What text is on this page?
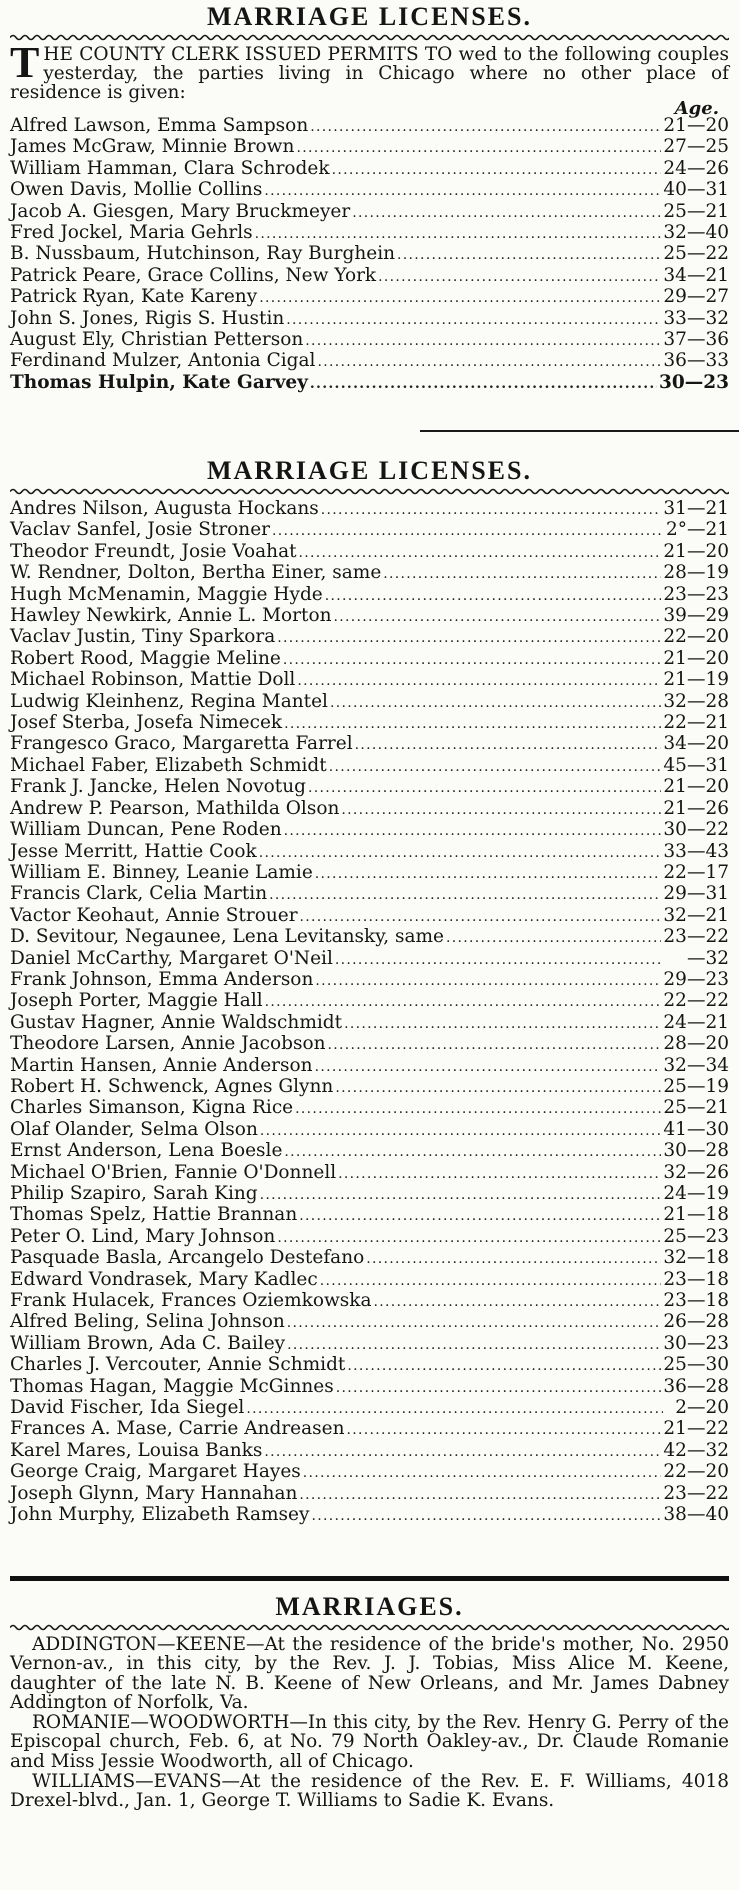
MARRIAGE LICENSES.

T HE COUNTY CLERK ISSUED PERMITS TO wed to the following couples yesterday, the parties living in Chicago where no other place of residence is given:

Age.

Alfred Lawson, Emma Sampson .....	21—20
James McGraw, Minnie Brown .....	27—25
William Hamman, Clara Schrodek .....	24—26
Owen Davis, Mollie Collins .....	40—31
Jacob A. Giesgen, Mary Bruckmeyer .....	25—21
Fred Jockel, Maria Gehrls .....	32—40
B. Nussbaum, Hutchinson, Ray Burghein .....	25—22
Patrick Peare, Grace Collins, New York .....	34—21
Patrick Ryan, Kate Kareny .....	29—27
John S. Jones, Rigis S. Hustin .....	33—32
August Ely, Christian Petterson .....	37—36
Ferdinand Mulzer, Antonia Cigal .....	36—33
Thomas Hulpin, Kate Garvey .....	30—23
MARRIAGE LICENSES.
Andres Nilson, Augusta Hockans .....	31—21
Vaclav Sanfel, Josie Stroner .....	2°—21
Theodor Freundt, Josie Voahat .....	21—20
W. Rendner, Dolton, Bertha Einer, same .....	28—19
Hugh McMenamin, Maggie Hyde .....	23—23
Hawley Newkirk, Annie L. Morton .....	39—29
Vaclav Justin, Tiny Sparkora .....	22—20
Robert Rood, Maggie Meline .....	21—20
Michael Robinson, Mattie Doll .....	21—19
Ludwig Kleinhenz, Regina Mantel .....	32—28
Josef Sterba, Josefa Nimecek .....	22—21
Frangesco Graco, Margaretta Farrel .....	34—20
Michael Faber, Elizabeth Schmidt .....	45—31
Frank J. Jancke, Helen Novotug .....	21—20
Andrew P. Pearson, Mathilda Olson .....	21—26
William Duncan, Pene Roden .....	30—22
Jesse Merritt, Hattie Cook .....	33—43
William E. Binney, Leanie Lamie .....	22—17
Francis Clark, Celia Martin .....	29—31
Vactor Keohaut, Annie Strouer .....	32—21
D. Sevitour, Negaunee, Lena Levitansky, same .....	23—22
Daniel McCarthy, Margaret O'Neil .....	—32
Frank Johnson, Emma Anderson .....	29—23
Joseph Porter, Maggie Hall .....	22—22
Gustav Hagner, Annie Waldschmidt .....	24—21
Theodore Larsen, Annie Jacobson .....	28—20
Martin Hansen, Annie Anderson .....	32—34
Robert H. Schwenck, Agnes Glynn .....	25—19
Charles Simanson, Kigna Rice .....	25—21
Olaf Olander, Selma Olson .....	41—30
Ernst Anderson, Lena Boesle .....	30—28
Michael O'Brien, Fannie O'Donnell .....	32—26
Philip Szapiro, Sarah King .....	24—19
Thomas Spelz, Hattie Brannan .....	21—18
Peter O. Lind, Mary Johnson .....	25—23
Pasquade Basla, Arcangelo Destefano .....	32—18
Edward Vondrasek, Mary Kadlec .....	23—18
Frank Hulacek, Frances Oziemkowska .....	23—18
Alfred Beling, Selina Johnson .....	26—28
William Brown, Ada C. Bailey .....	30—23
Charles J. Vercouter, Annie Schmidt .....	25—30
Thomas Hagan, Maggie McGinnes .....	36—28
David Fischer, Ida Siegel .....	2—20
Frances A. Mase, Carrie Andreasen .....	21—22
Karel Mares, Louisa Banks .....	42—32
George Craig, Margaret Hayes .....	22—20
Joseph Glynn, Mary Hannahan .....	23—22
John Murphy, Elizabeth Ramsey .....	38—40
MARRIAGES.

ADDINGTON—KEENE—At the residence of the bride's mother, No. 2950 Vernon-av., in this city, by the Rev. J. J. Tobias, Miss Alice M. Keene, daughter of the late N. B. Keene of New Orleans, and Mr. James Dabney Addington of Norfolk, Va.

ROMANIE—WOODWORTH—In this city, by the Rev. Henry G. Perry of the Episcopal church, Feb. 6, at No. 79 North Oakley-av., Dr. Claude Romanie and Miss Jessie Woodworth, all of Chicago.

WILLIAMS—EVANS—At the residence of the Rev. E. F. Williams, 4018 Drexel-blvd., Jan. 1, George T. Williams to Sadie K. Evans.
